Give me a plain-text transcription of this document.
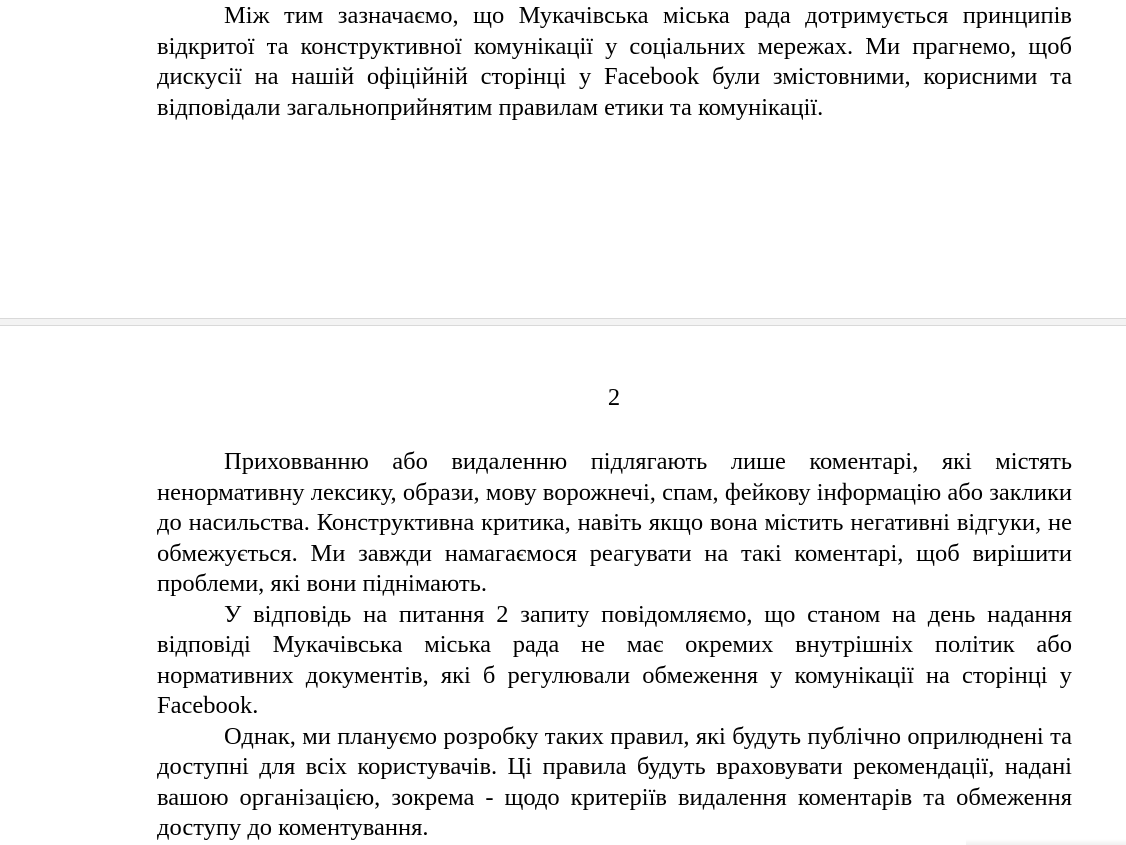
Між тим зазначаємо, що Мукачівська міська рада дотримується принципів відкритої та конструктивної комунікації у соціальних мережах. Ми прагнемо, щоб дискусії на нашій офіційній сторінці у Facebook були змістовними, корисними та відповідали загальноприйнятим правилам етики та комунікації.

2

Приховванню або видаленню підлягають лише коментарі, які містять ненормативну лексику, образи, мову ворожнечі, спам, фейкову інформацію або заклики до насильства. Конструктивна критика, навіть якщо вона містить негативні відгуки, не обмежується. Ми завжди намагаємося реагувати на такі коментарі, щоб вирішити проблеми, які вони піднімають.

У відповідь на питання 2 запиту повідомляємо, що станом на день надання відповіді Мукачівська міська рада не має окремих внутрішніх політик або нормативних документів, які б регулювали обмеження у комунікації на сторінці у Facebook.

Однак, ми плануємо розробку таких правил, які будуть публічно оприлюднені та доступні для всіх користувачів. Ці правила будуть враховувати рекомендації, надані вашою організацією, зокрема - щодо критеріїв видалення коментарів та обмеження доступу до коментування.
